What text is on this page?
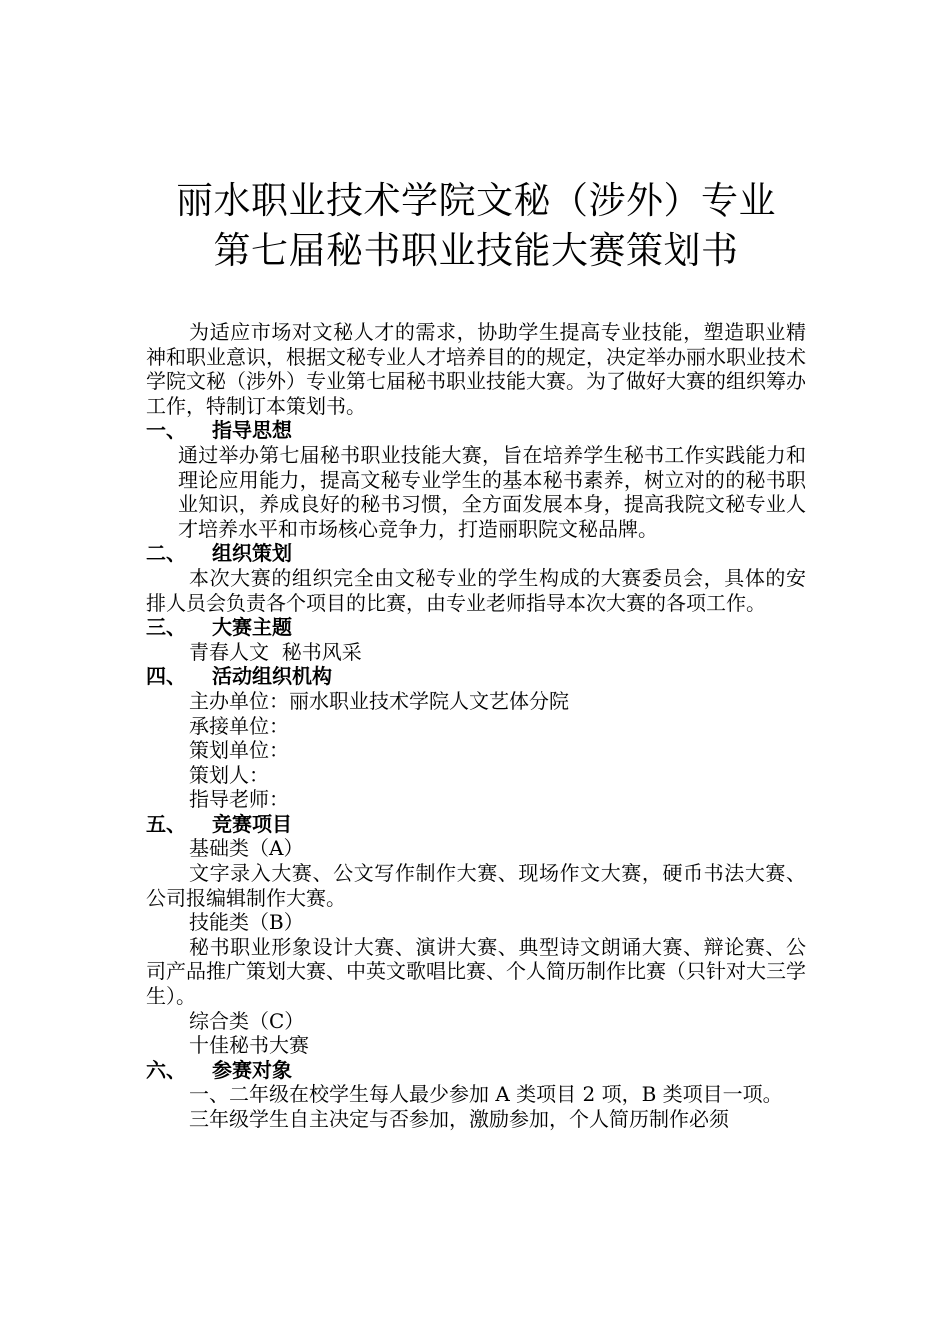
丽水职业技术学院文秘（涉外）专业
第七届秘书职业技能大赛策划书

为适应市场对文秘人才的需求，协助学生提高专业技能，塑造职业精神和职业意识，根据文秘专业人才培养目的的规定，决定举办丽水职业技术学院文秘（涉外）专业第七届秘书职业技能大赛。为了做好大赛的组织筹办工作，特制订本策划书。

一、	指导思想

通过举办第七届秘书职业技能大赛，旨在培养学生秘书工作实践能力和理论应用能力，提高文秘专业学生的基本秘书素养，树立对的的秘书职业知识，养成良好的秘书习惯，全方面发展本身，提高我院文秘专业人才培养水平和市场核心竞争力，打造丽职院文秘品牌。

二、	组织策划

本次大赛的组织完全由文秘专业的学生构成的大赛委员会，具体的安排人员会负责各个项目的比赛，由专业老师指导本次大赛的各项工作。

三、	大赛主题

青春人文  秘书风采

四、	活动组织机构

主办单位：丽水职业技术学院人文艺体分院

承接单位：

策划单位：

策划人：

指导老师：

五、	竞赛项目

基础类（A）

文字录入大赛、公文写作制作大赛、现场作文大赛，硬币书法大赛、公司报编辑制作大赛。

技能类（B）

秘书职业形象设计大赛、演讲大赛、典型诗文朗诵大赛、辩论赛、公司产品推广策划大赛、中英文歌唱比赛、个人简历制作比赛（只针对大三学生）。

综合类（C）

十佳秘书大赛

六、	参赛对象

一、二年级在校学生每人最少参加 A 类项目 2 项，B 类项目一项。

三年级学生自主决定与否参加，激励参加，个人简历制作必须
